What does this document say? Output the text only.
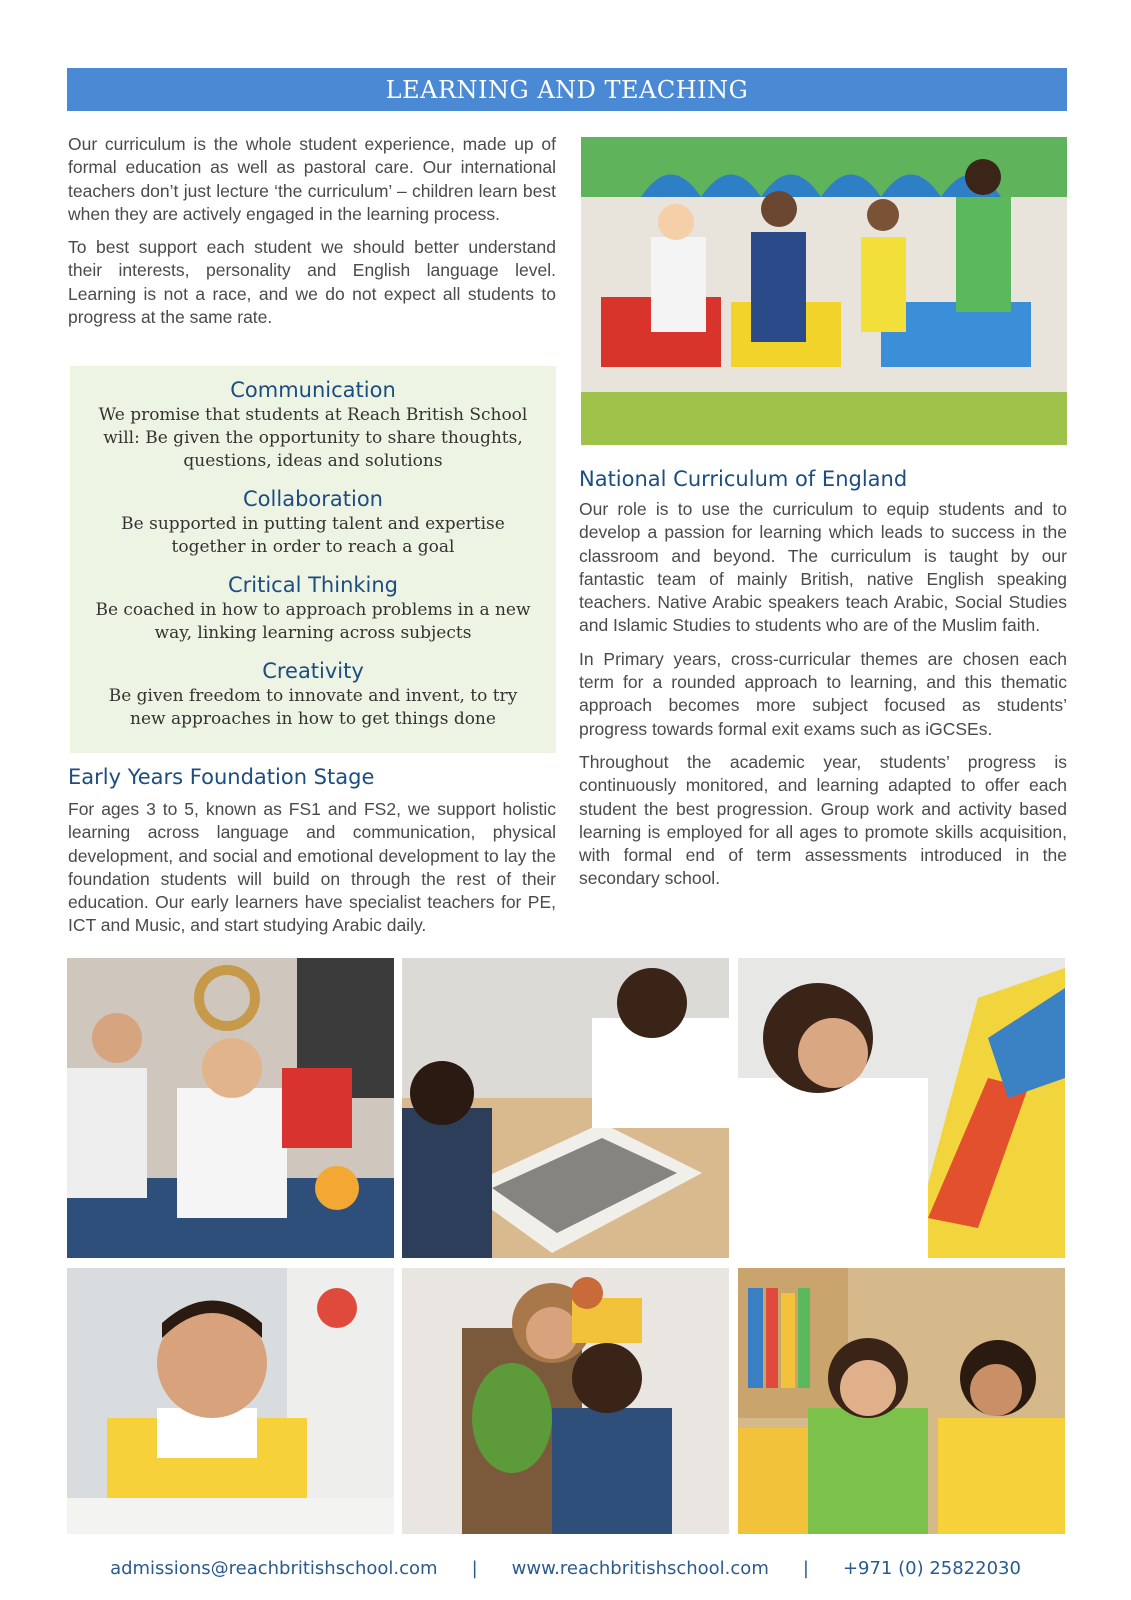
LEARNING AND TEACHING

Our curriculum is the whole student experience, made up of formal education as well as pastoral care. Our international teachers don’t just lecture ‘the curriculum’ – children learn best when they are actively engaged in the learning process.

To best support each student we should better understand their interests, personality and English language level. Learning is not a race, and we do not expect all students to progress at the same rate.

Communication
We promise that students at Reach British School will: Be given the opportunity to share thoughts, questions, ideas and solutions
Collaboration
Be supported in putting talent and expertise together in order to reach a goal
Critical Thinking
Be coached in how to approach problems in a new way, linking learning across subjects
Creativity
Be given freedom to innovate and invent, to try new approaches in how to get things done
Early Years Foundation Stage

For ages 3 to 5, known as FS1 and FS2, we support holistic learning across language and communication, physical development, and social and emotional development to lay the foundation students will build on through the rest of their education. Our early learners have specialist teachers for PE, ICT and Music, and start studying Arabic daily.

National Curriculum of England

Our role is to use the curriculum to equip students and to develop a passion for learning which leads to success in the classroom and beyond. The curriculum is taught by our fantastic team of mainly British, native English speaking teachers. Native Arabic speakers teach Arabic, Social Studies and Islamic Studies to students who are of the Muslim faith.

In Primary years, cross-curricular themes are chosen each term for a rounded approach to learning, and this thematic approach becomes more subject focused as students’ progress towards formal exit exams such as iGCSEs.

Throughout the academic year, students’ progress is continuously monitored, and learning adapted to offer each student the best progression. Group work and activity based learning is employed for all ages to promote skills acquisition, with formal end of term assessments introduced in the secondary school.

admissions@reachbritishschool.com | www.reachbritishschool.com | +971 (0) 25822030
